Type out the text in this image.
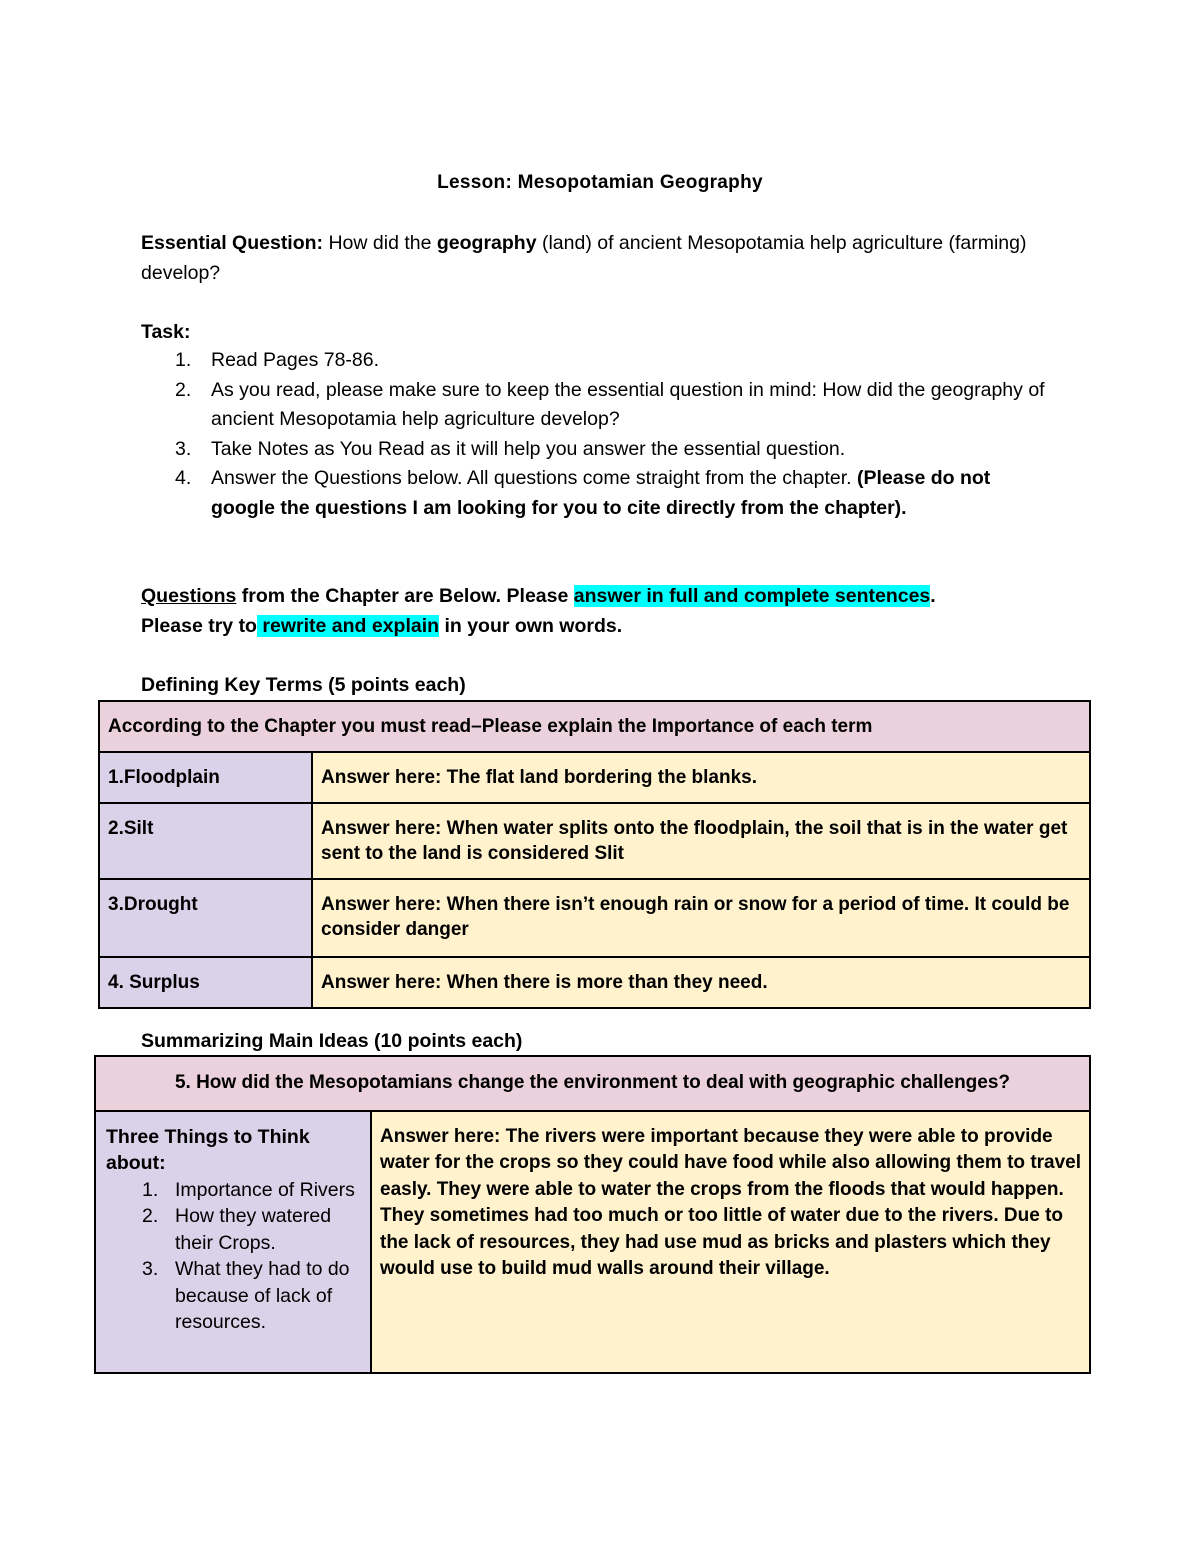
Lesson: Mesopotamian Geography
Essential Question: How did the geography (land) of ancient Mesopotamia help agriculture (farming) develop?
Task:
1. Read Pages 78-86.
2. As you read, please make sure to keep the essential question in mind: How did the geography of ancient Mesopotamia help agriculture develop?
3. Take Notes as You Read as it will help you answer the essential question.
4. Answer the Questions below. All questions come straight from the chapter. (Please do not google the questions I am looking for you to cite directly from the chapter).
Questions from the Chapter are Below. Please answer in full and complete sentences.
Please try to rewrite and explain in your own words.
Defining Key Terms (5 points each)
According to the Chapter you must read–Please explain the Importance of each term	
1.Floodplain	Answer here: The flat land bordering the blanks.
2.Silt	Answer here: When water splits onto the floodplain, the soil that is in the water get sent to the land is considered Slit
3.Drought	Answer here: When there isn’t enough rain or snow for a period of time. It could be consider danger
4. Surplus	Answer here: When there is more than they need.
Summarizing Main Ideas (10 points each)
5. How did the Mesopotamians change the environment to deal with geographic challenges?

Three Things to Think about:
1. Importance of Rivers
2. How they watered their Crops.
3. What they had to do because of lack of resources.
	Answer here: The rivers were important because they were able to provide water for the crops so they could have food while also allowing them to travel easly. They were able to water the crops from the floods that would happen. They sometimes had too much or too little of water due to the rivers. Due to the lack of resources, they had use mud as bricks and plasters which they would use to build mud walls around their village.
